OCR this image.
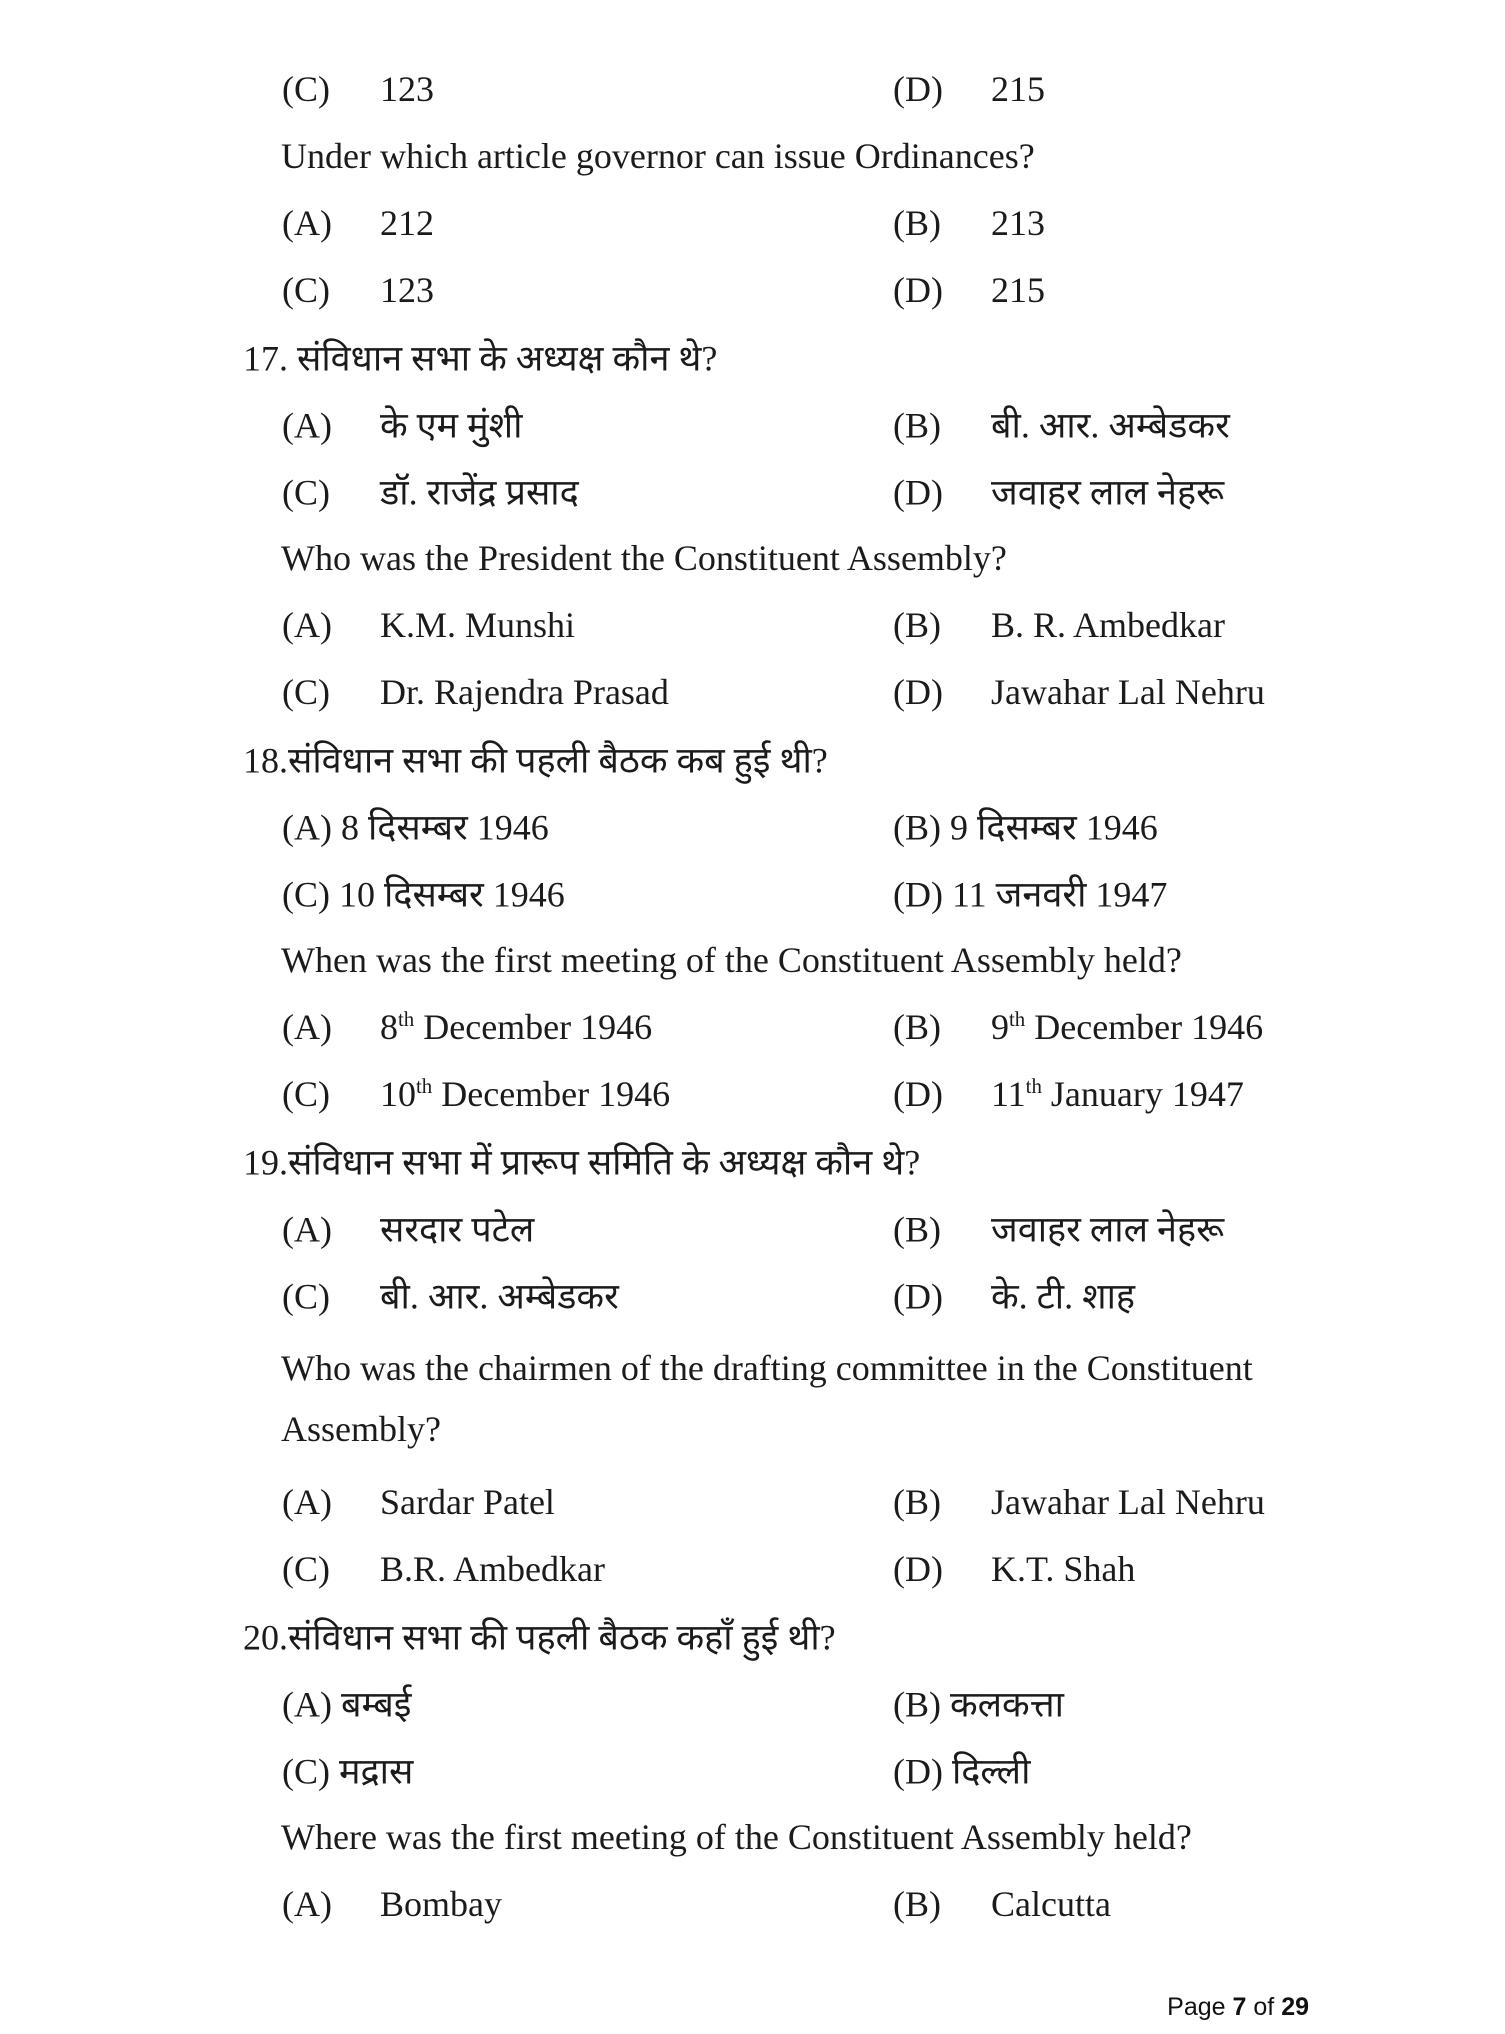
(C)	123	(D)	215
Under which article governor can issue Ordinances?
(A)	212	(B)	213
(C)	123	(D)	215
17. संविधान सभा के अध्यक्ष कौन थे?
(A)	के एम मुंशी	(B)	बी. आर. अम्बेडकर
(C)	डॉ. राजेंद्र प्रसाद	(D)	जवाहर लाल नेहरू
Who was the President the Constituent Assembly?
(A)	K.M. Munshi	(B)	B. R. Ambedkar
(C)	Dr. Rajendra Prasad	(D)	Jawahar Lal Nehru
18.संविधान सभा की पहली बैठक कब हुई थी?
(A) 8 दिसम्बर 1946	(B) 9 दिसम्बर 1946
(C) 10 दिसम्बर 1946	(D) 11 जनवरी 1947
When was the first meeting of the Constituent Assembly held?
(A)	8th December 1946	(B)	9th December 1946
(C)	10th December 1946	(D)	11th January 1947
19.संविधान सभा में प्रारूप समिति के अध्यक्ष कौन थे?
(A)	सरदार पटेल	(B)	जवाहर लाल नेहरू
(C)	बी. आर. अम्बेडकर	(D)	के. टी. शाह
Who was the chairmen of the drafting committee in the Constituent Assembly?
(A)	Sardar Patel	(B)	Jawahar Lal Nehru
(C)	B.R. Ambedkar	(D)	K.T. Shah
20.संविधान सभा की पहली बैठक कहाँ हुई थी?
(A) बम्बई	(B) कलकत्ता
(C) मद्रास	(D) दिल्ली
Where was the first meeting of the Constituent Assembly held?
(A)	Bombay	(B)	Calcutta
Page 7 of 29
